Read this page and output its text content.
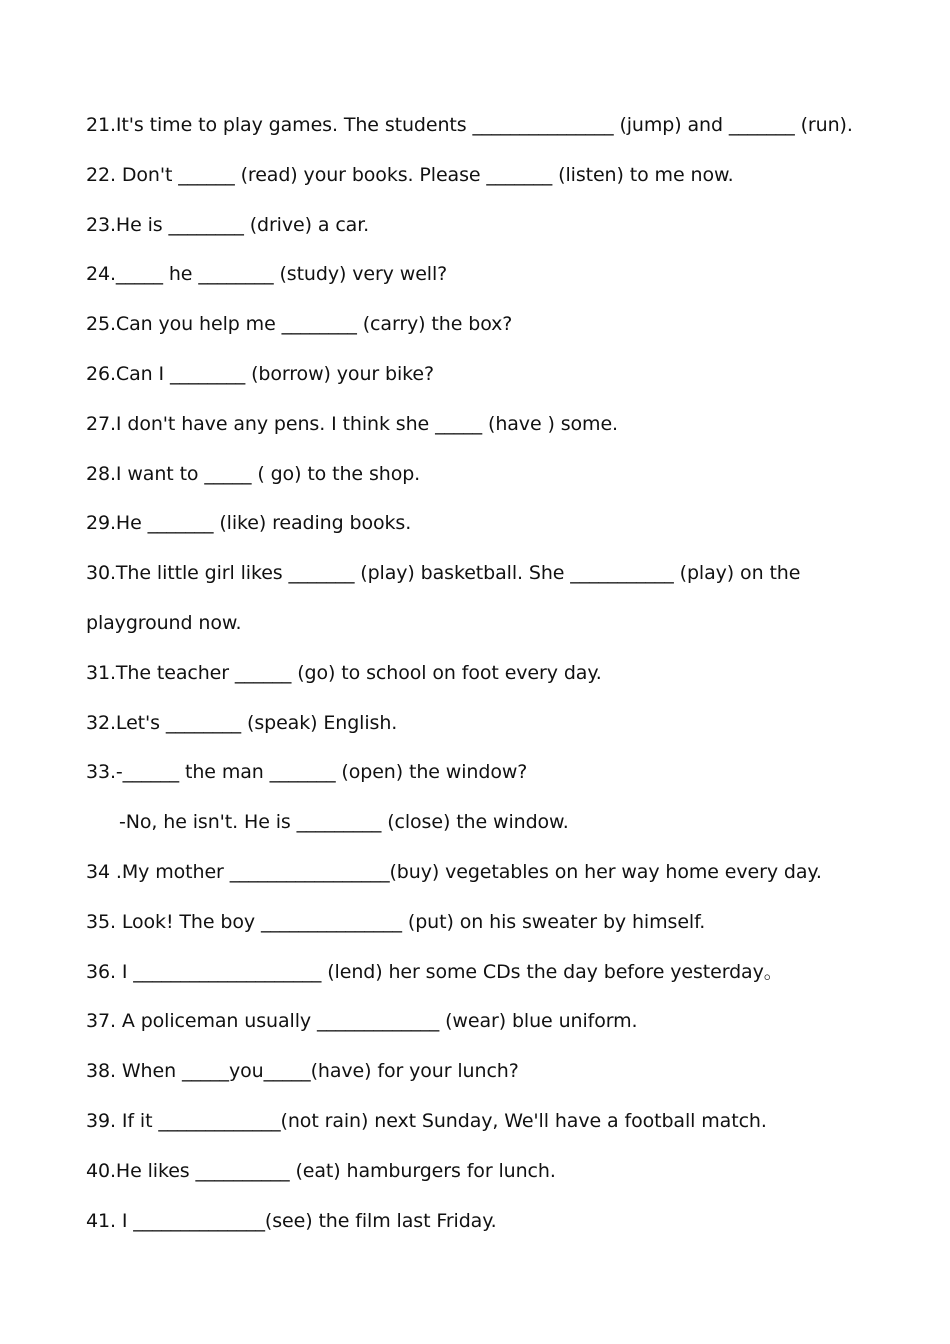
21.It's time to play games. The students _______________ (jump) and _______ (run).
22. Don't ______ (read) your books. Please _______ (listen) to me now.
23.He is ________ (drive) a car.
24._____ he ________ (study) very well?
25.Can you help me ________ (carry) the box?
26.Can I ________ (borrow) your bike?
27.I don't have any pens. I think she _____ (have ) some.
28.I want to _____ ( go) to the shop.
29.He _______ (like) reading books.
30.The little girl likes _______ (play) basketball. She ___________ (play) on the
playground now.
31.The teacher ______ (go) to school on foot every day.
32.Let's ________ (speak) English.
33.-______ the man _______ (open) the window?
-No, he isn't. He is _________ (close) the window.
34 .My mother _________________(buy) vegetables on her way home every day.
35. Look! The boy _______________ (put) on his sweater by himself.
36. I ____________________ (lend) her some CDs the day before yesterday。
37. A policeman usually _____________ (wear) blue uniform.
38. When _____you_____(have) for your lunch?
39. If it _____________(not rain) next Sunday, We'll have a football match.
40.He likes __________ (eat) hamburgers for lunch.
41. I ______________(see) the film last Friday.
